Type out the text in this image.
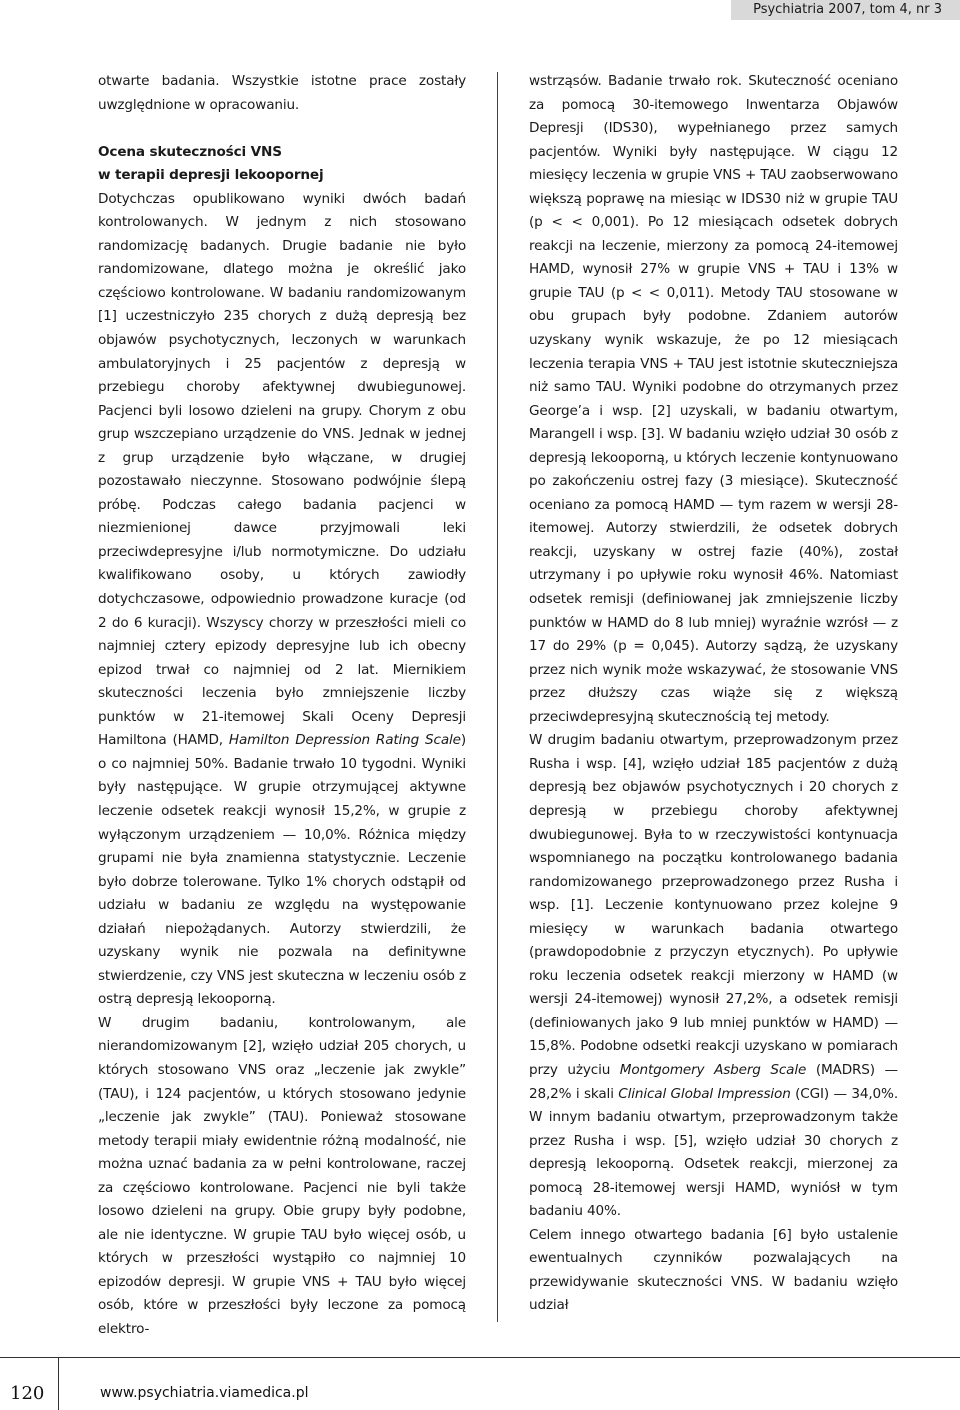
Psychiatria 2007, tom 4, nr 3

otwarte badania. Wszystkie istotne prace zostały uwzględnione w opracowaniu.

Ocena skuteczności VNS
w terapii depresji lekoopornej

Dotychczas opublikowano wyniki dwóch badań kontrolowanych. W jednym z nich stosowano randomizację badanych. Drugie badanie nie było randomizowane, dlatego można je określić jako częściowo kontrolowane. W badaniu randomizowanym [1] uczestniczyło 235 chorych z dużą depresją bez objawów psychotycznych, leczonych w warunkach ambulatoryjnych i 25 pacjentów z depresją w przebiegu choroby afektywnej dwubiegunowej. Pacjenci byli losowo dzieleni na grupy. Chorym z obu grup wszczepiano urządzenie do VNS. Jednak w jednej z grup urządzenie było włączane, w drugiej pozostawało nieczynne. Stosowano podwójnie ślepą próbę. Podczas całego badania pacjenci w niezmienionej dawce przyjmowali leki przeciwdepresyjne i/lub normotymiczne. Do udziału kwalifikowano osoby, u których zawiodły dotychczasowe, odpowiednio prowadzone kuracje (od 2 do 6 kuracji). Wszyscy chorzy w przeszłości mieli co najmniej cztery epizody depresyjne lub ich obecny epizod trwał co najmniej od 2 lat. Miernikiem skuteczności leczenia było zmniejszenie liczby punktów w 21-itemowej Skali Oceny Depresji Hamiltona (HAMD, Hamilton Depression Rating Scale) o co najmniej 50%. Badanie trwało 10 tygodni. Wyniki były następujące. W grupie otrzymującej aktywne leczenie odsetek reakcji wynosił 15,2%, w grupie z wyłączonym urządzeniem — 10,0%. Różnica między grupami nie była znamienna statystycznie. Leczenie było dobrze tolerowane. Tylko 1% chorych odstąpił od udziału w badaniu ze względu na występowanie działań niepożądanych. Autorzy stwierdzili, że uzyskany wynik nie pozwala na definitywne stwierdzenie, czy VNS jest skuteczna w leczeniu osób z ostrą depresją lekooporną.

W drugim badaniu, kontrolowanym, ale nierandomizowanym [2], wzięło udział 205 chorych, u których stosowano VNS oraz „leczenie jak zwykle” (TAU), i 124 pacjentów, u których stosowano jedynie „leczenie jak zwykle” (TAU). Ponieważ stosowane metody terapii miały ewidentnie różną modalność, nie można uznać badania za w pełni kontrolowane, raczej za częściowo kontrolowane. Pacjenci nie byli także losowo dzieleni na grupy. Obie grupy były podobne, ale nie identyczne. W grupie TAU było więcej osób, u których w przeszłości wystąpiło co najmniej 10 epizodów depresji. W grupie VNS + TAU było więcej osób, które w przeszłości były leczone za pomocą elektro-

wstrząsów. Badanie trwało rok. Skuteczność oceniano za pomocą 30-itemowego Inwentarza Objawów Depresji (IDS30), wypełnianego przez samych pacjentów. Wyniki były następujące. W ciągu 12 miesięcy leczenia w grupie VNS + TAU zaobserwowano większą poprawę na miesiąc w IDS30 niż w grupie TAU (p < < 0,001). Po 12 miesiącach odsetek dobrych reakcji na leczenie, mierzony za pomocą 24-itemowej HAMD, wynosił 27% w grupie VNS + TAU i 13% w grupie TAU (p < < 0,011). Metody TAU stosowane w obu grupach były podobne. Zdaniem autorów uzyskany wynik wskazuje, że po 12 miesiącach leczenia terapia VNS + TAU jest istotnie skuteczniejsza niż samo TAU. Wyniki podobne do otrzymanych przez George’a i wsp. [2] uzyskali, w badaniu otwartym, Marangell i wsp. [3]. W badaniu wzięło udział 30 osób z depresją lekooporną, u których leczenie kontynuowano po zakończeniu ostrej fazy (3 miesiące). Skuteczność oceniano za pomocą HAMD — tym razem w wersji 28-itemowej. Autorzy stwierdzili, że odsetek dobrych reakcji, uzyskany w ostrej fazie (40%), został utrzymany i po upływie roku wynosił 46%. Natomiast odsetek remisji (definiowanej jak zmniejszenie liczby punktów w HAMD do 8 lub mniej) wyraźnie wzrósł — z 17 do 29% (p = 0,045). Autorzy sądzą, że uzyskany przez nich wynik może wskazywać, że stosowanie VNS przez dłuższy czas wiąże się z większą przeciwdepresyjną skutecznością tej metody.

W drugim badaniu otwartym, przeprowadzonym przez Rusha i wsp. [4], wzięło udział 185 pacjentów z dużą depresją bez objawów psychotycznych i 20 chorych z depresją w przebiegu choroby afektywnej dwubiegunowej. Była to w rzeczywistości kontynuacja wspomnianego na początku kontrolowanego badania randomizowanego przeprowadzonego przez Rusha i wsp. [1]. Leczenie kontynuowano przez kolejne 9 miesięcy w warunkach badania otwartego (prawdopodobnie z przyczyn etycznych). Po upływie roku leczenia odsetek reakcji mierzony w HAMD (w wersji 24-itemowej) wynosił 27,2%, a odsetek remisji (definiowanych jako 9 lub mniej punktów w HAMD) — 15,8%. Podobne odsetki reakcji uzyskano w pomiarach przy użyciu Montgomery Asberg Scale (MADRS) — 28,2% i skali Clinical Global Impression (CGI) — 34,0%. W innym badaniu otwartym, przeprowadzonym także przez Rusha i wsp. [5], wzięło udział 30 chorych z depresją lekooporną. Odsetek reakcji, mierzonej za pomocą 28-itemowej wersji HAMD, wyniósł w tym badaniu 40%.

Celem innego otwartego badania [6] było ustalenie ewentualnych czynników pozwalających na przewidywanie skuteczności VNS. W badaniu wzięło udział

120	www.psychiatria.viamedica.pl
